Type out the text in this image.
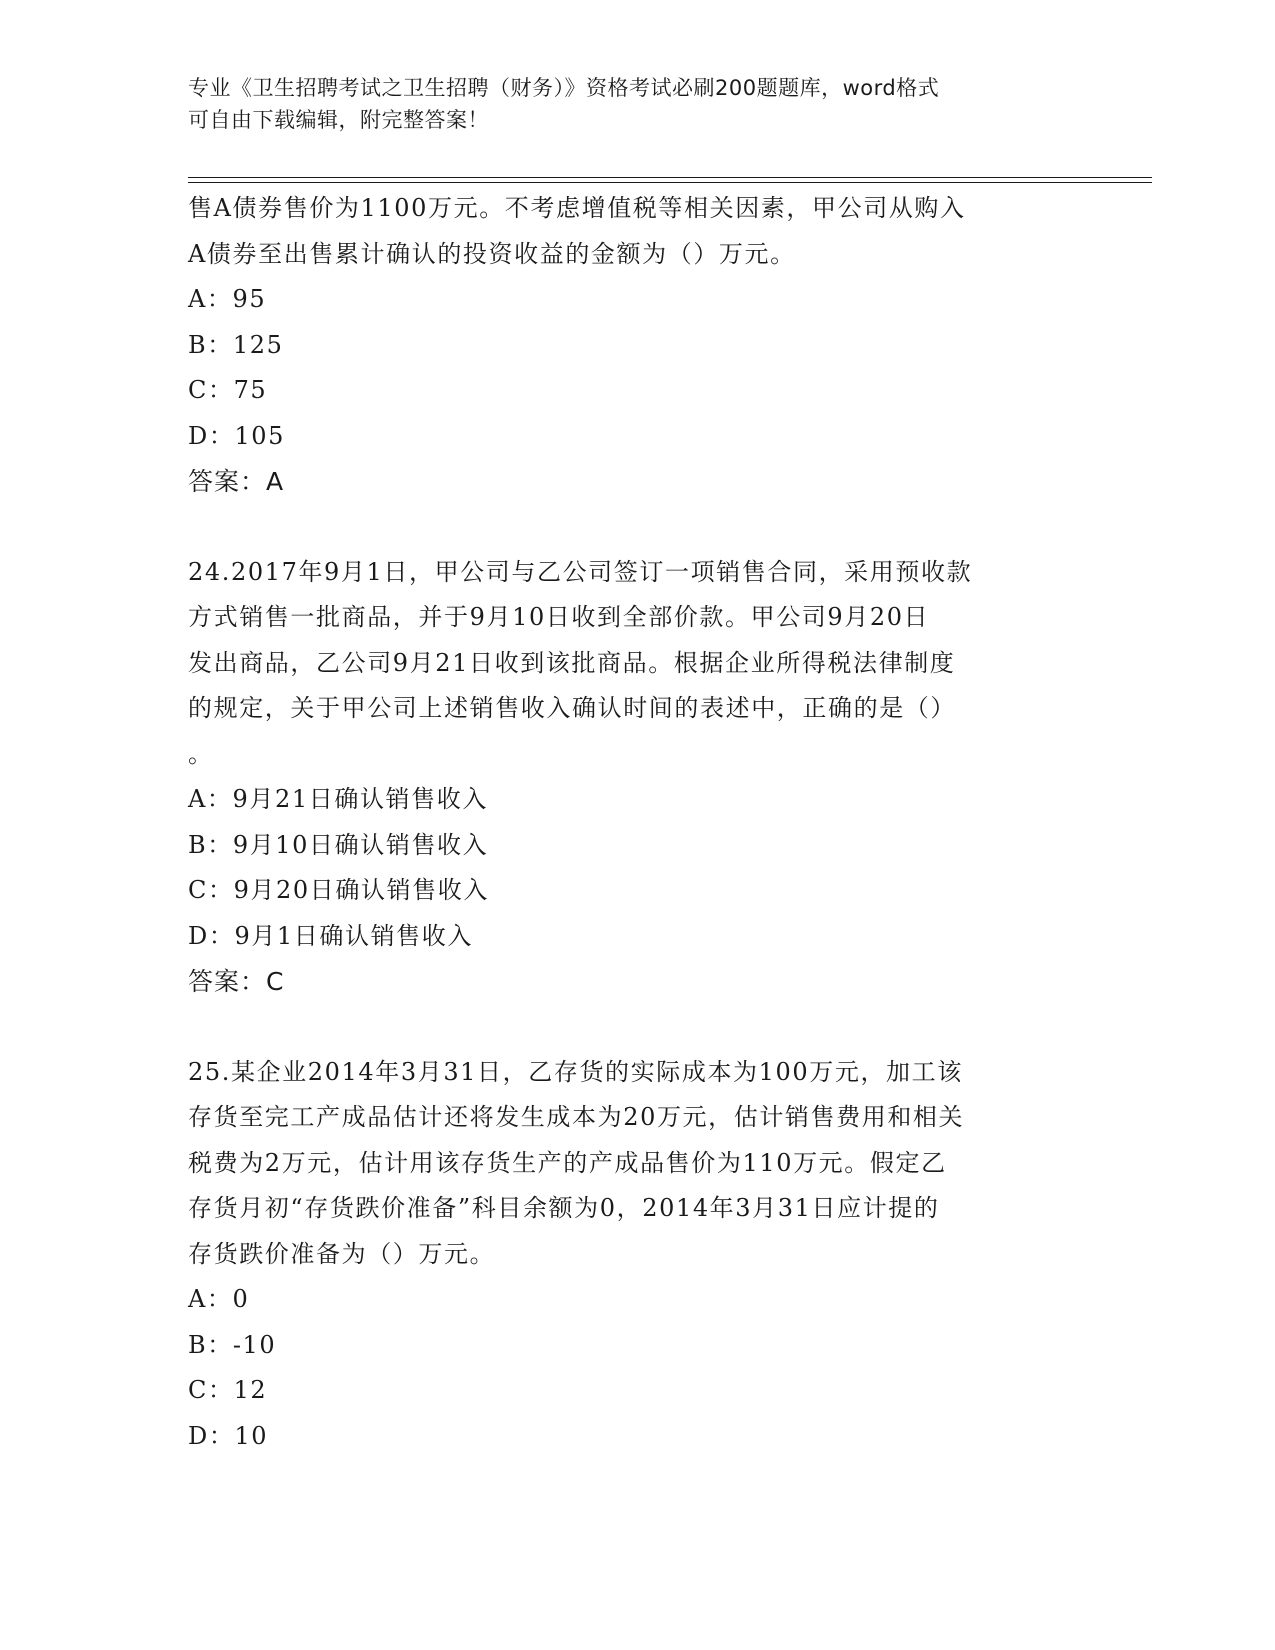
专业《卫生招聘考试之卫生招聘（财务）》资格考试必刷200题题库，word格式
可自由下载编辑，附完整答案！
售A债券售价为1100万元。不考虑增值税等相关因素，甲公司从购入
A债券至出售累计确认的投资收益的金额为（）万元。
A：95
B：125
C：75
D：105
答案：A
24.2017年9月1日，甲公司与乙公司签订一项销售合同，采用预收款
方式销售一批商品，并于9月10日收到全部价款。甲公司9月20日
发出商品，乙公司9月21日收到该批商品。根据企业所得税法律制度
的规定，关于甲公司上述销售收入确认时间的表述中，正确的是（）
。
A：9月21日确认销售收入
B：9月10日确认销售收入
C：9月20日确认销售收入
D：9月1日确认销售收入
答案：C
25.某企业2014年3月31日，乙存货的实际成本为100万元，加工该
存货至完工产成品估计还将发生成本为20万元，估计销售费用和相关
税费为2万元，估计用该存货生产的产成品售价为110万元。假定乙
存货月初“存货跌价准备”科目余额为0，2014年3月31日应计提的
存货跌价准备为（）万元。
A：0
B：-10
C：12
D：10
